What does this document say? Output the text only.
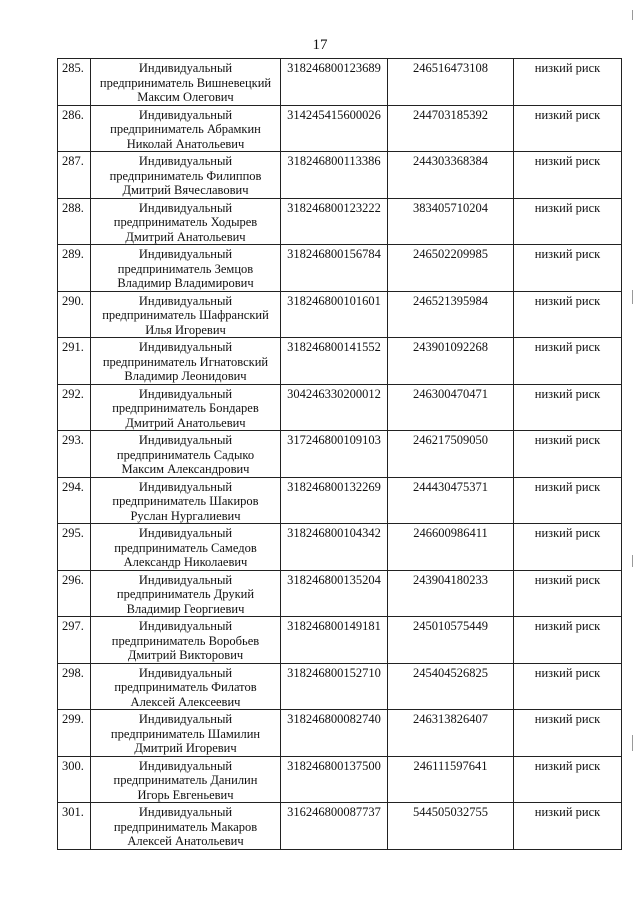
17
285.	Индивидуальный
предприниматель Вишневецкий
Максим Олегович	318246800123689	246516473108	низкий риск
286.	Индивидуальный
предприниматель Абрамкин
Николай Анатольевич	314245415600026	244703185392	низкий риск
287.	Индивидуальный
предприниматель Филиппов
Дмитрий Вячеславович	318246800113386	244303368384	низкий риск
288.	Индивидуальный
предприниматель Ходырев
Дмитрий Анатольевич	318246800123222	383405710204	низкий риск
289.	Индивидуальный
предприниматель Земцов
Владимир Владимирович	318246800156784	246502209985	низкий риск
290.	Индивидуальный
предприниматель Шафранский
Илья Игоревич	318246800101601	246521395984	низкий риск
291.	Индивидуальный
предприниматель Игнатовский
Владимир Леонидович	318246800141552	243901092268	низкий риск
292.	Индивидуальный
предприниматель Бондарев
Дмитрий Анатольевич	304246330200012	246300470471	низкий риск
293.	Индивидуальный
предприниматель Садыко
Максим Александрович	317246800109103	246217509050	низкий риск
294.	Индивидуальный
предприниматель Шакиров
Руслан Нургалиевич	318246800132269	244430475371	низкий риск
295.	Индивидуальный
предприниматель Самедов
Александр Николаевич	318246800104342	246600986411	низкий риск
296.	Индивидуальный
предприниматель Друкий
Владимир Георгиевич	318246800135204	243904180233	низкий риск
297.	Индивидуальный
предприниматель Воробьев
Дмитрий Викторович	318246800149181	245010575449	низкий риск
298.	Индивидуальный
предприниматель Филатов
Алексей Алексеевич	318246800152710	245404526825	низкий риск
299.	Индивидуальный
предприниматель Шамилин
Дмитрий Игоревич	318246800082740	246313826407	низкий риск
300.	Индивидуальный
предприниматель Данилин
Игорь Евгеньевич	318246800137500	246111597641	низкий риск
301.	Индивидуальный
предприниматель Макаров
Алексей Анатольевич	316246800087737	544505032755	низкий риск
